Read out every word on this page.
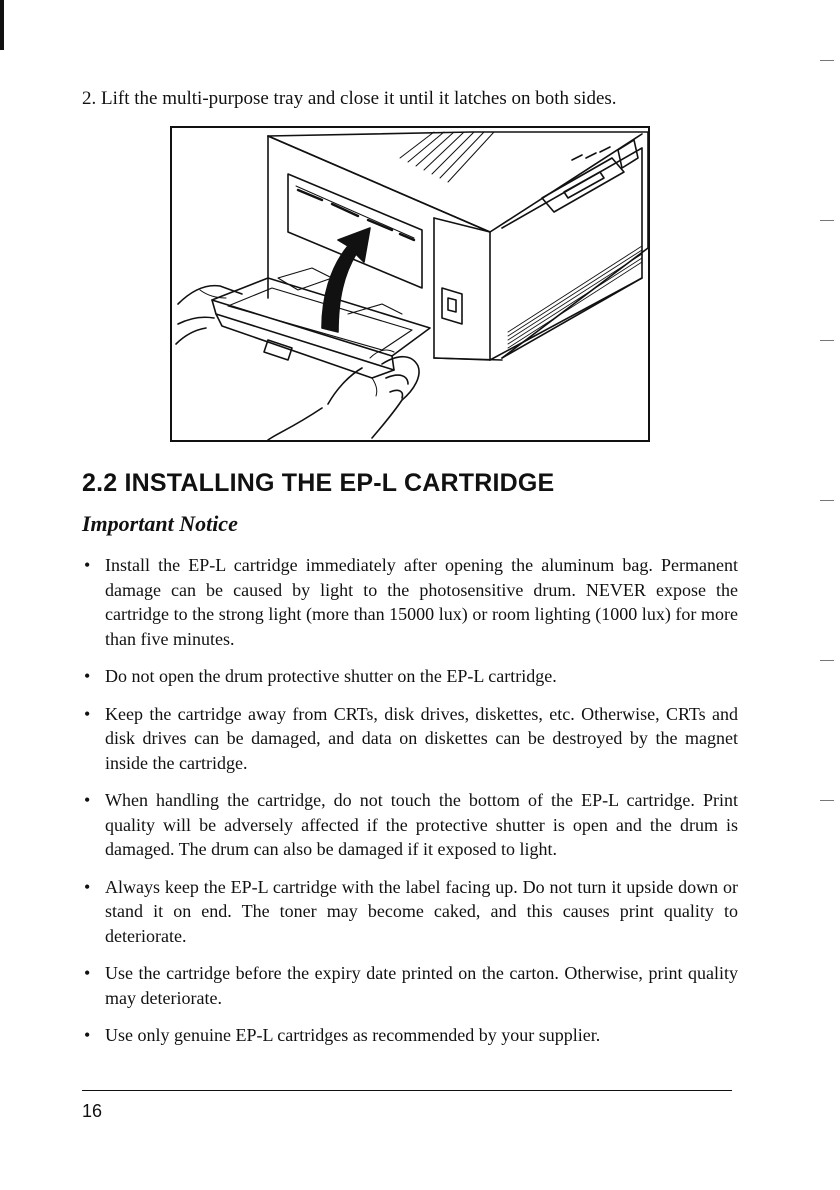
2. Lift the multi-purpose tray and close it until it latches on both sides.
2.2 INSTALLING THE EP-L CARTRIDGE
Important Notice
• Install the EP-L cartridge immediately after opening the aluminum bag. Permanent damage can be caused by light to the photosensitive drum. NEVER expose the cartridge to the strong light (more than 15000 lux) or room lighting (1000 lux) for more than five minutes.
• Do not open the drum protective shutter on the EP-L cartridge.
• Keep the cartridge away from CRTs, disk drives, diskettes, etc. Otherwise, CRTs and disk drives can be damaged, and data on diskettes can be destroyed by the magnet inside the cartridge.
• When handling the cartridge, do not touch the bottom of the EP-L cartridge. Print quality will be adversely affected if the protective shutter is open and the drum is damaged. The drum can also be damaged if it exposed to light.
• Always keep the EP-L cartridge with the label facing up. Do not turn it upside down or stand it on end. The toner may become caked, and this causes print quality to deteriorate.
• Use the cartridge before the expiry date printed on the carton. Otherwise, print quality may deteriorate.
• Use only genuine EP-L cartridges as recommended by your supplier.
16
